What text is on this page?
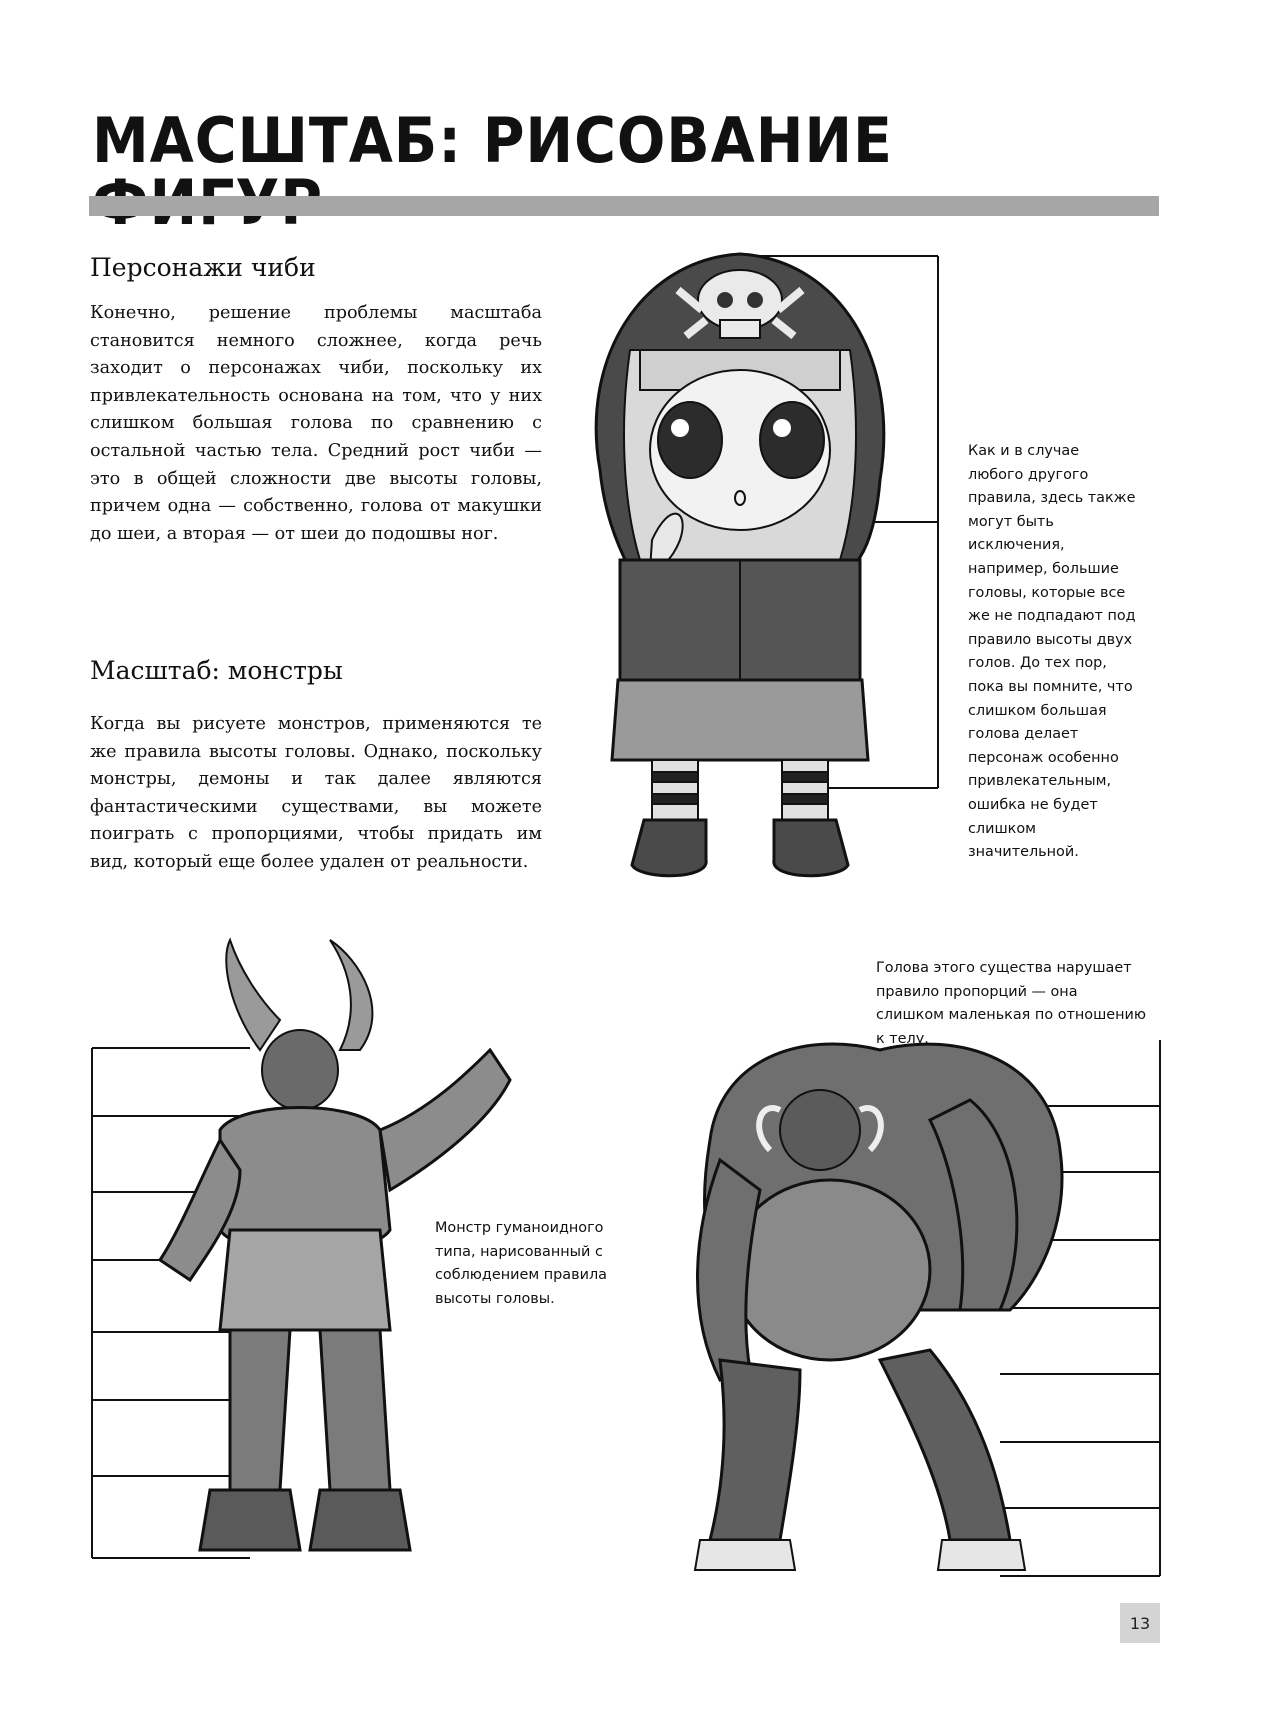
МАСШТАБ: РИСОВАНИЕ
Персонажи чиби

Конечно, решение проблемы масштаба становится немного сложнее, когда речь заходит о персонажах чиби, поскольку их привлекательность основана на том, что у них слишком большая голова по сравнению с остальной частью тела. Средний рост чиби — это в общей сложности две высоты головы, причем одна — собственно, голова от макушки до шеи, а вторая — от шеи до подошвы ног.

Масштаб: монстры

Когда вы рисуете монстров, применяются те же правила высоты головы. Однако, поскольку монстры, демоны и так далее являются фантастическими существами, вы можете поиграть с пропорциями, чтобы придать им вид, который еще более удален от реальности.

Как и в случае любого другого правила, здесь также могут быть исключения, например, большие головы, которые все же не подпадают под правило высоты двух голов. До тех пор, пока вы помните, что слишком большая голова делает персонаж особенно привлекательным, ошибка не будет слишком значительной.

Монстр гуманоидного типа, нарисованный с соблюдением правила высоты головы.

Голова этого существа нарушает правило пропорций — она слишком маленькая по отношению к телу.

13
